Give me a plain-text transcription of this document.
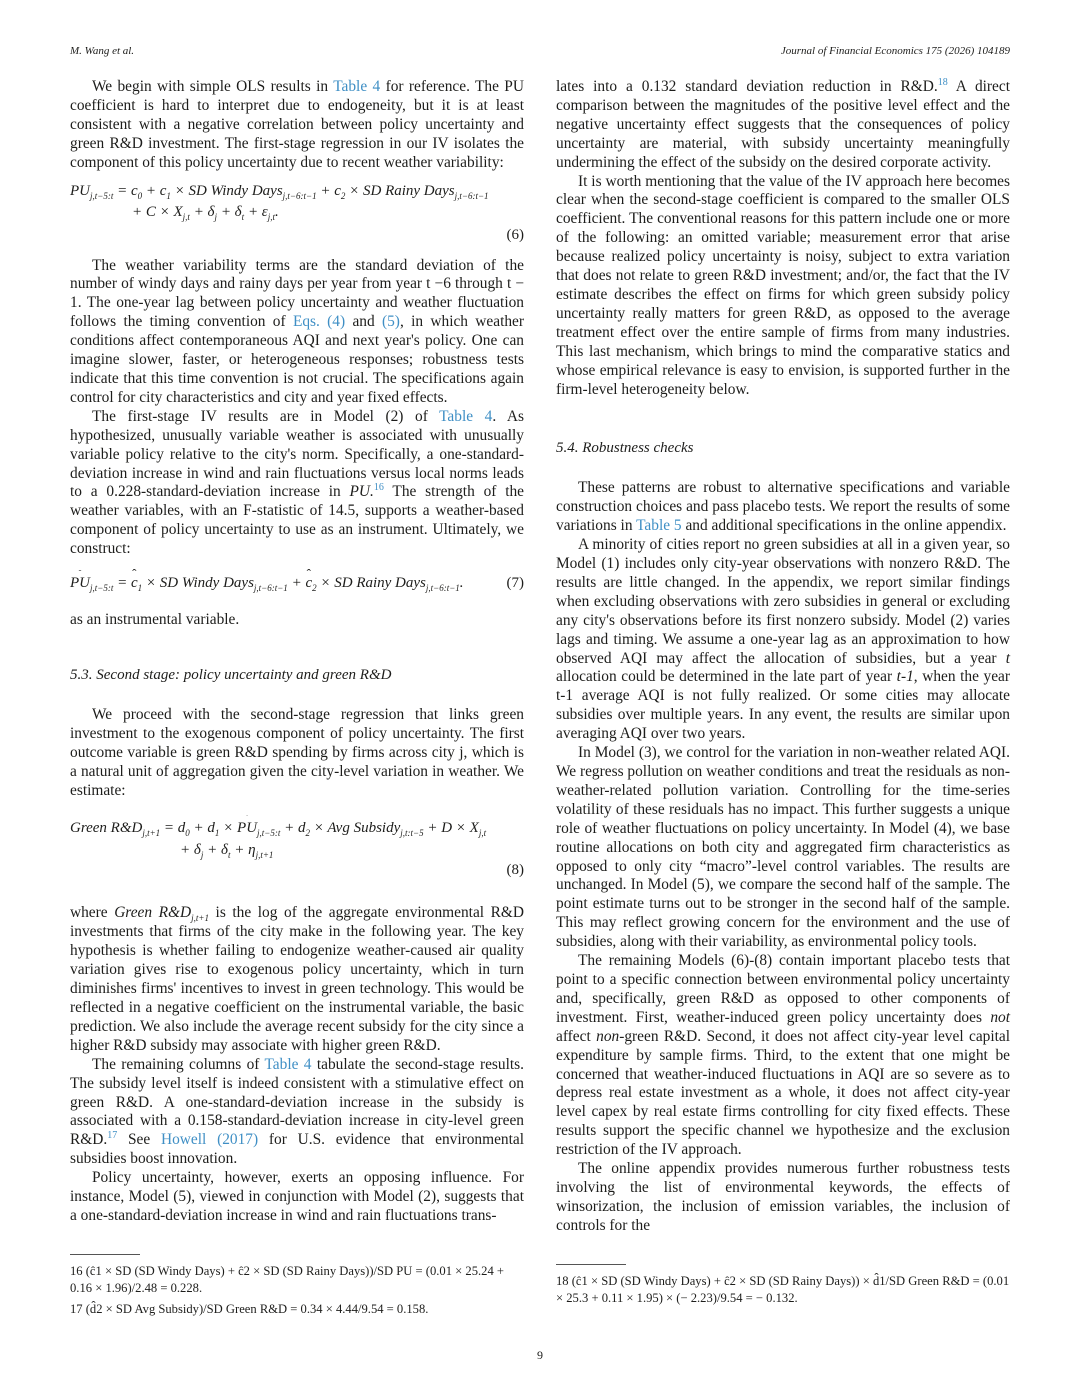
M. Wang et al.	Journal of Financial Economics 175 (2026) 104189

We begin with simple OLS results in Table 4 for reference. The PU coefficient is hard to interpret due to endogeneity, but it is at least consistent with a negative correlation between policy uncertainty and green R&D investment. The first-stage regression in our IV isolates the component of this policy uncertainty due to recent weather variability:

$PU_{j,t-5:t} = c_0 + c_1$ × SD Windy Days$_{j,t-6:t-1}$ + $c_2$ × SD Rainy Days$_{j,t-6:t-1}$
+ $C \times X_{j,t} + \delta_j + \delta_t + \varepsilon_{j,t}$.
(6)

The weather variability terms are the standard deviation of the number of windy days and rainy days per year from year t −6 through t − 1. The one-year lag between policy uncertainty and weather fluctuation follows the timing convention of Eqs. (4) and (5), in which weather conditions affect contemporaneous AQI and next year's policy. One can imagine slower, faster, or heterogeneous responses; robustness tests indicate that this time convention is not crucial. The specifications again control for city characteristics and city and year fixed effects.

The first-stage IV results are in Model (2) of Table 4. As hypothesized, unusually variable weather is associated with unusually variable policy relative to the city's norm. Specifically, a one-standard-deviation increase in wind and rain fluctuations versus local norms leads to a 0.228-standard-deviation increase in PU.$^{16}$ The strength of the weather variables, with an F-statistic of 14.5, supports a weather-based component of policy uncertainty to use as an instrument. Ultimately, we construct:

$PU_{j,t-5:t}$ = ˆ $c_1$ × SD Windy Days$_{j,t-6:t-1}$ + ˆ $c_2$ × SD Rainy Days$_{j,t-6:t-1}$.	(7)

as an instrumental variable.

5.3. Second stage: policy uncertainty and green R&D

We proceed with the second-stage regression that links green investment to the exogenous component of policy uncertainty. The first outcome variable is green R&D spending by firms across city j, which is a natural unit of aggregation given the city-level variation in weather. We estimate:

Green $R\&D_{j,t+1} = d_0 + d_1 \times PU_{j,t-5:t} + d_2$ × Avg Subsidy$_{j,t:t-5}$ + $D \times X_{j,t}$
+ $\delta_j + \delta_t + \eta_{j,t+1}$
(8)

where Green $R\&D_{j,t+1}$ is the log of the aggregate environmental R&D investments that firms of the city make in the following year. The key hypothesis is whether failing to endogenize weather-caused air quality variation gives rise to exogenous policy uncertainty, which in turn diminishes firms' incentives to invest in green technology. This would be reflected in a negative coefficient on the instrumental variable, the basic prediction. We also include the average recent subsidy for the city since a higher R&D subsidy may associate with higher green R&D.

The remaining columns of Table 4 tabulate the second-stage results. The subsidy level itself is indeed consistent with a stimulative effect on green R&D. A one-standard-deviation increase in the subsidy is associated with a 0.158-standard-deviation increase in city-level green R&D.$^{17}$ See Howell (2017) for U.S. evidence that environmental subsidies boost innovation.

Policy uncertainty, however, exerts an opposing influence. For instance, Model (5), viewed in conjunction with Model (2), suggests that a one-standard-deviation increase in wind and rain fluctuations trans-

16 (ĉ1 × SD (SD Windy Days) + ĉ2 × SD (SD Rainy Days))/SD PU = (0.01 × 25.24 + 0.16 × 1.96)/2.48 = 0.228.

17 (d̂2 × SD Avg Subsidy)/SD Green R&D = 0.34 × 4.44/9.54 = 0.158.

lates into a 0.132 standard deviation reduction in R&D.$^{18}$ A direct comparison between the magnitudes of the positive level effect and the negative uncertainty effect suggests that the consequences of policy uncertainty are material, with subsidy uncertainty meaningfully undermining the effect of the subsidy on the desired corporate activity.

It is worth mentioning that the value of the IV approach here becomes clear when the second-stage coefficient is compared to the smaller OLS coefficient. The conventional reasons for this pattern include one or more of the following: an omitted variable; measurement error that arise because realized policy uncertainty is noisy, subject to extra variation that does not relate to green R&D investment; and/or, the fact that the IV estimate describes the effect on firms for which green subsidy policy uncertainty really matters for green R&D, as opposed to the average treatment effect over the entire sample of firms from many industries. This last mechanism, which brings to mind the comparative statics and whose empirical relevance is easy to envision, is supported further in the firm-level heterogeneity below.

5.4. Robustness checks

These patterns are robust to alternative specifications and variable construction choices and pass placebo tests. We report the results of some variations in Table 5 and additional specifications in the online appendix.

A minority of cities report no green subsidies at all in a given year, so Model (1) includes only city-year observations with nonzero R&D. The results are little changed. In the appendix, we report similar findings when excluding observations with zero subsidies in general or excluding any city's observations before its first nonzero subsidy. Model (2) varies lags and timing. We assume a one-year lag as an approximation to how observed AQI may affect the allocation of subsidies, but a year t allocation could be determined in the late part of year t-1, when the year t-1 average AQI is not fully realized. Or some cities may allocate subsidies over multiple years. In any event, the results are similar upon averaging AQI over two years.

In Model (3), we control for the variation in non-weather related AQI. We regress pollution on weather conditions and treat the residuals as non-weather-related pollution variation. Controlling for the time-series volatility of these residuals has no impact. This further suggests a unique role of weather fluctuations on policy uncertainty. In Model (4), we base routine allocations on both city and aggregated firm characteristics as opposed to only city “macro”-level control variables. The results are unchanged. In Model (5), we compare the second half of the sample. The point estimate turns out to be stronger in the second half of the sample. This may reflect growing concern for the environment and the use of subsidies, along with their variability, as environmental policy tools.

The remaining Models (6)-(8) contain important placebo tests that point to a specific connection between environmental policy uncertainty and, specifically, green R&D as opposed to other components of investment. First, weather-induced green policy uncertainty does not affect non-green R&D. Second, it does not affect city-year level capital expenditure by sample firms. Third, to the extent that one might be concerned that weather-induced fluctuations in AQI are so severe as to depress real estate investment as a whole, it does not affect city-year level capex by real estate firms controlling for city fixed effects. These results support the specific channel we hypothesize and the exclusion restriction of the IV approach.

The online appendix provides numerous further robustness tests involving the list of environmental keywords, the effects of winsorization, the inclusion of emission variables, the inclusion of controls for the

18 (ĉ1 × SD (SD Windy Days) + ĉ2 × SD (SD Rainy Days)) × d̂1/SD Green R&D = (0.01 × 25.3 + 0.11 × 1.95) × (− 2.23)/9.54 = − 0.132.

9
